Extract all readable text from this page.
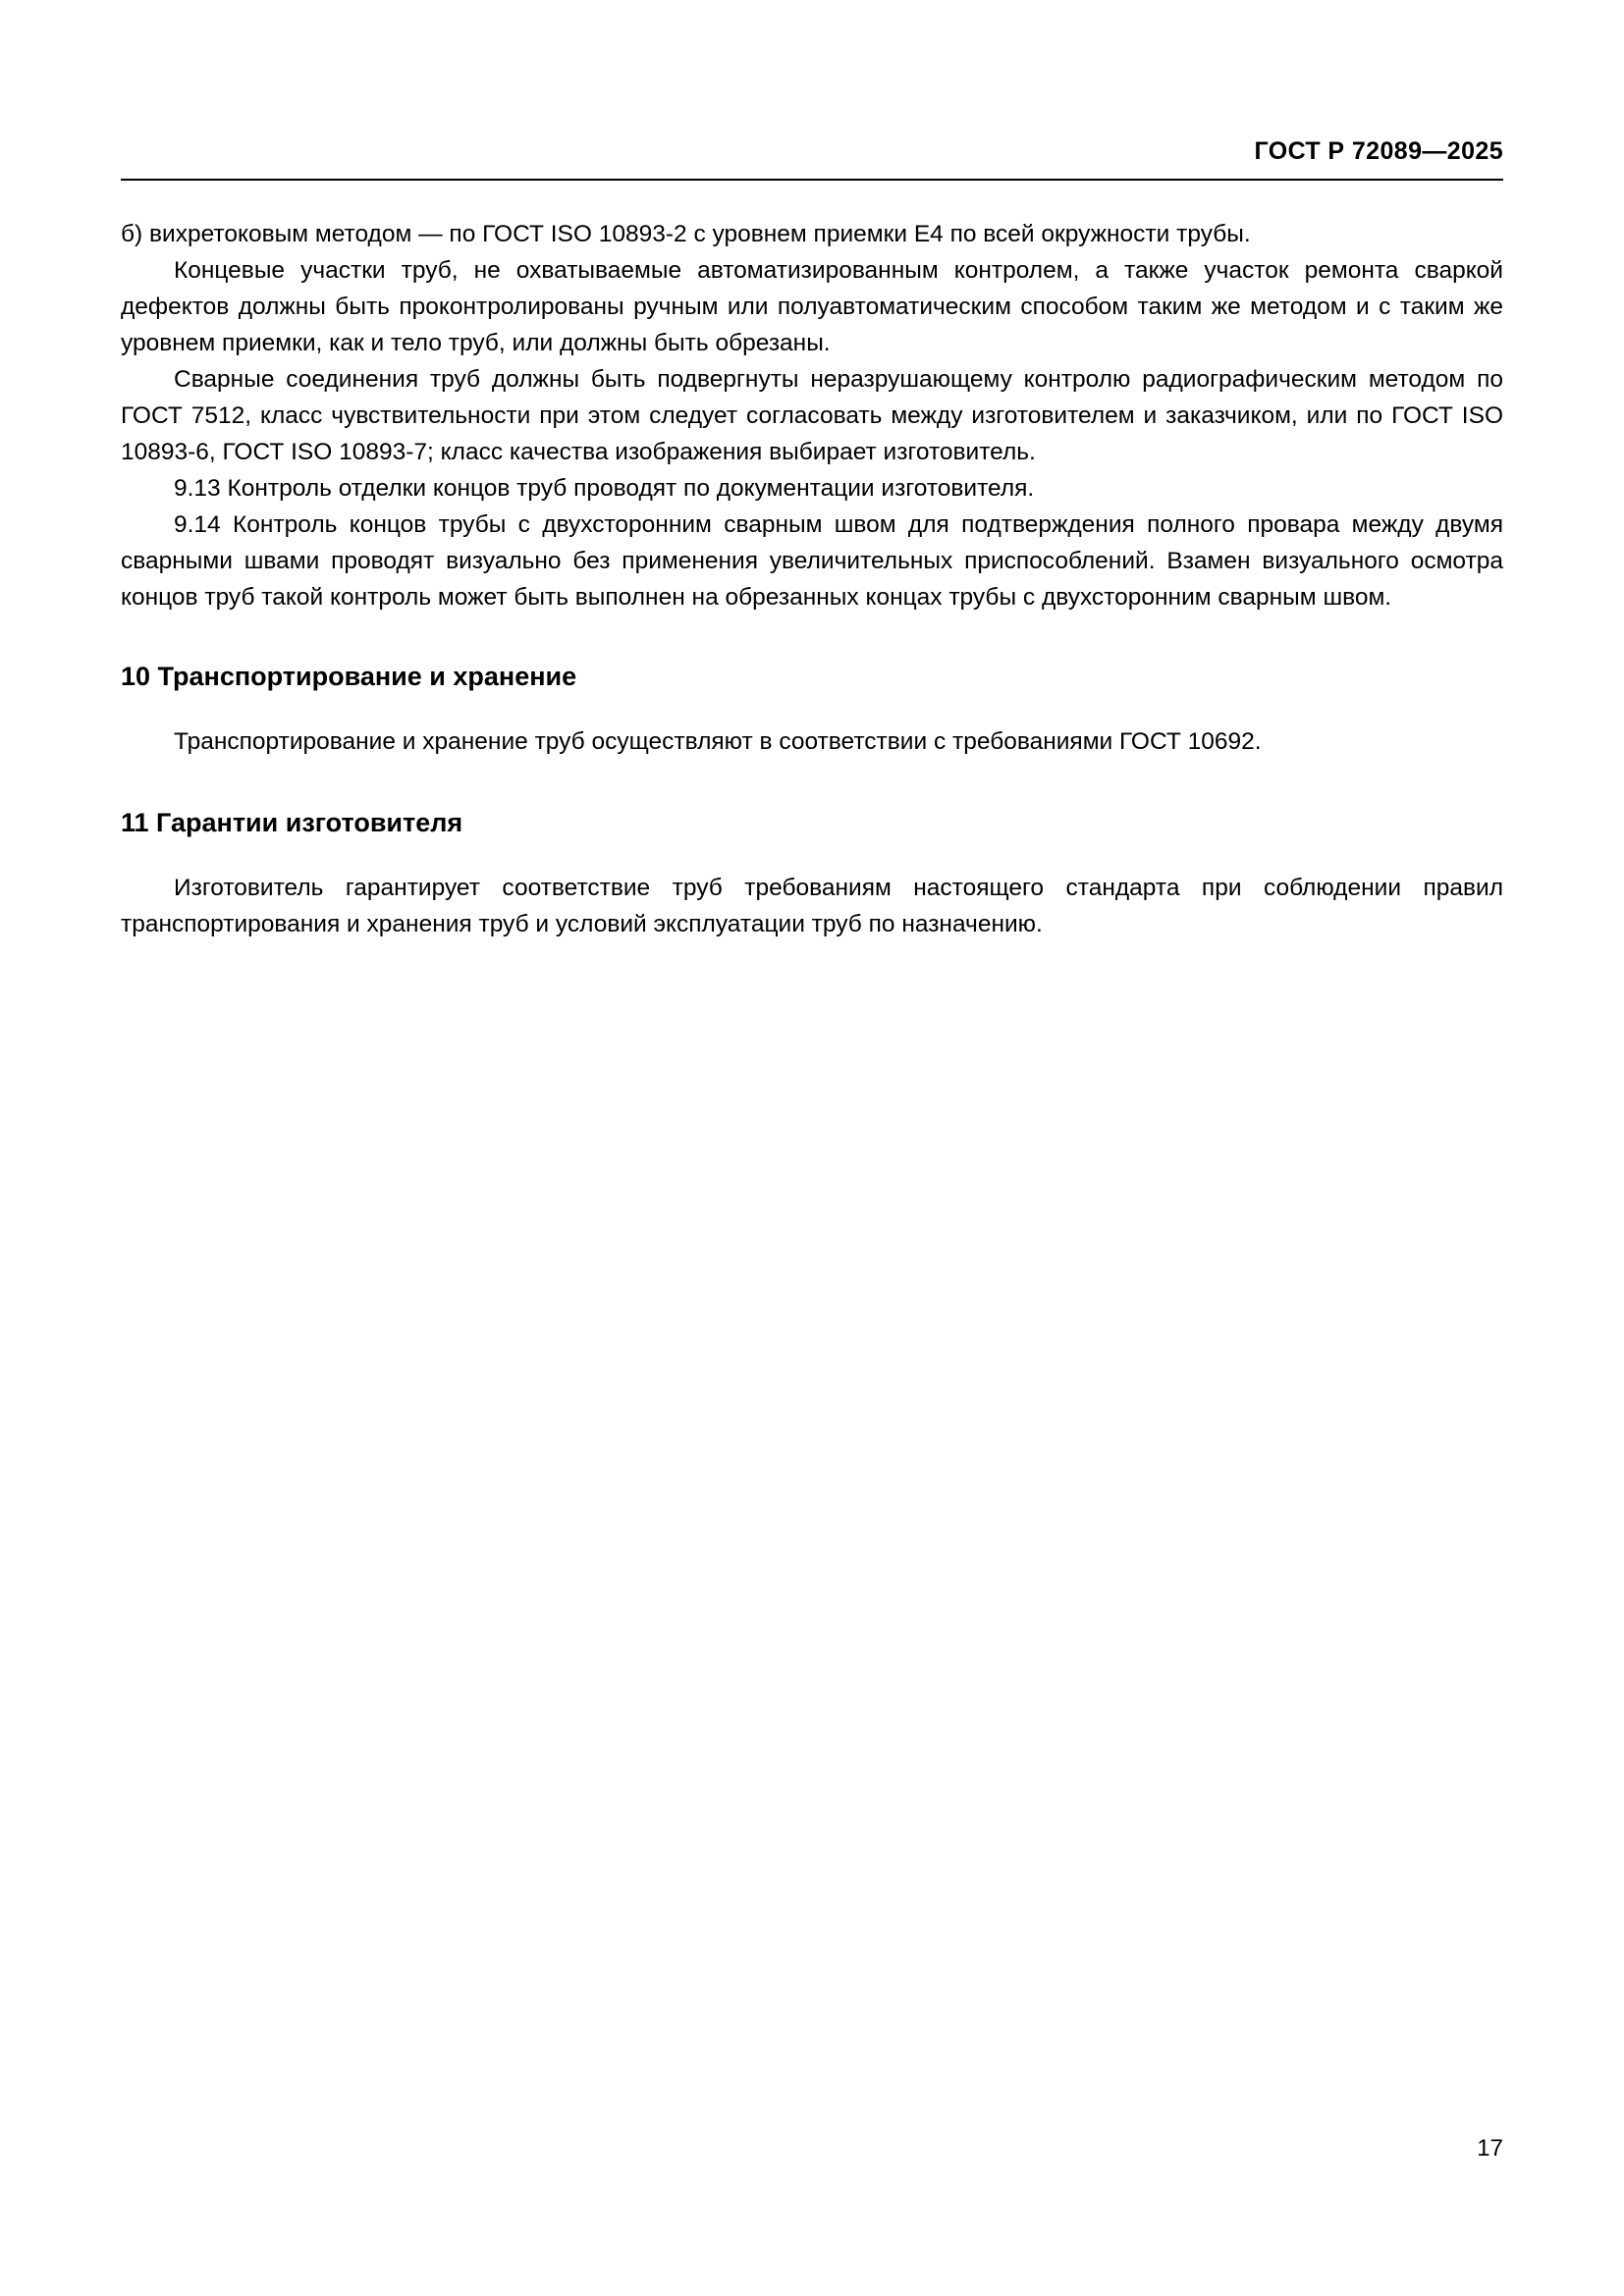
ГОСТ Р 72089—2025

б) вихретоковым методом — по ГОСТ ISO 10893-2 с уровнем приемки Е4 по всей окружности трубы.

Концевые участки труб, не охватываемые автоматизированным контролем, а также участок ремонта сваркой дефектов должны быть проконтролированы ручным или полуавтоматическим способом таким же методом и с таким же уровнем приемки, как и тело труб, или должны быть обрезаны.

Сварные соединения труб должны быть подвергнуты неразрушающему контролю радиографическим методом по ГОСТ 7512, класс чувствительности при этом следует согласовать между изготовителем и заказчиком, или по ГОСТ ISO 10893-6, ГОСТ ISO 10893-7; класс качества изображения выбирает изготовитель.

9.13 Контроль отделки концов труб проводят по документации изготовителя.

9.14 Контроль концов трубы с двухсторонним сварным швом для подтверждения полного провара между двумя сварными швами проводят визуально без применения увеличительных приспособлений. Взамен визуального осмотра концов труб такой контроль может быть выполнен на обрезанных концах трубы с двухсторонним сварным швом.

10 Транспортирование и хранение

Транспортирование и хранение труб осуществляют в соответствии с требованиями ГОСТ 10692.

11 Гарантии изготовителя

Изготовитель гарантирует соответствие труб требованиям настоящего стандарта при соблюдении правил транспортирования и хранения труб и условий эксплуатации труб по назначению.

17
